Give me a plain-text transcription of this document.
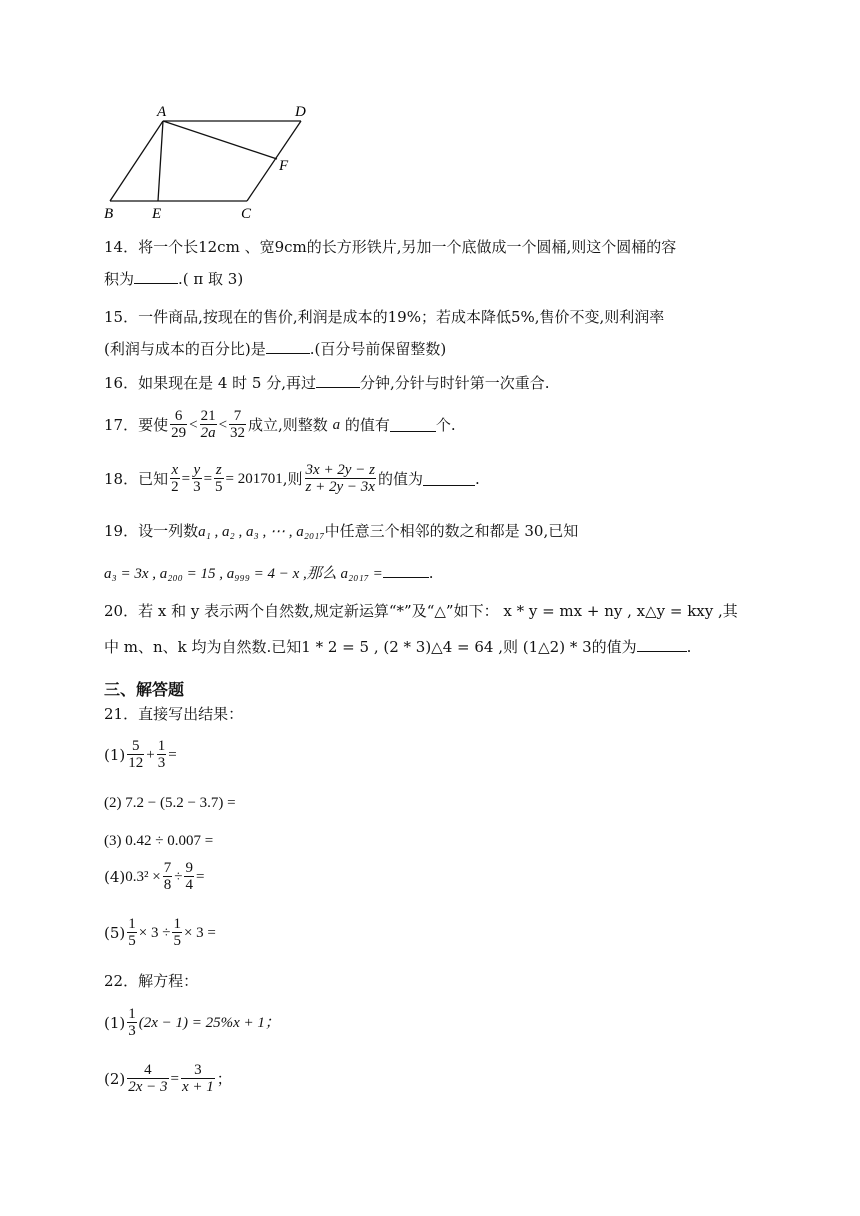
A	D
F
B	E	C
14．将一个长12cm 、宽9cm的长方形铁片,另加一个底做成一个圆桶,则这个圆桶的容
积为	.( π 取 3)
15．一件商品,按现在的售价,利润是成本的19%；若成本降低5%,售价不变,则利润率
(利润与成本的百分比)是	.(百分号前保留整数)
16．如果现在是 4 时 5 分,再过	分钟,分针与时针第一次重合.
17．要使 $\frac{6}{29} < \frac{21}{2a} < \frac{7}{32}$ 成立,则整数
a
的值有	个.
18．已知 $\frac{x}{2} = \frac{y}{3} = \frac{z}{5} = 201701$ ,则 $\frac{3x + 2y - z}{z + 2y - 3x}$ 的值为	.
19．设一列数a₁ , a₂ , a₃ , ⋯ , a₂₀₁₇中任意三个相邻的数之和都是 30,已知
a₃ = 3x , a₂₀₀ = 15 , a₉₉₉ = 4 − x ,那么 a₂₀₁₇ =	.
20．若 x 和 y 表示两个自然数,规定新运算“*”及“△”如下： x * y = mx + ny , x△y = kxy ,其
中 m、n、k 均为自然数.已知1 * 2 = 5 , (2 * 3)△4 = 64 ,则 (1△2) * 3的值为	.
三、解答题
21．直接写出结果：
$(1) \frac{5}{12} + \frac{1}{3}$ =
(2) 7.2 − (5.2 − 3.7) =
(3) 0.42 ÷ 0.007 =
(4) $0.3^2 \times \frac{7}{8} \div \frac{9}{4}$ =
$(5) \frac{1}{5} \times 3 \div \frac{1}{5} \times 3$ =
22．解方程：
$(1) \frac{1}{3} (2x - 1) = 25\%x + 1$；
$(2) \frac{4}{2x - 3} = \frac{3}{x + 1}$ ；
